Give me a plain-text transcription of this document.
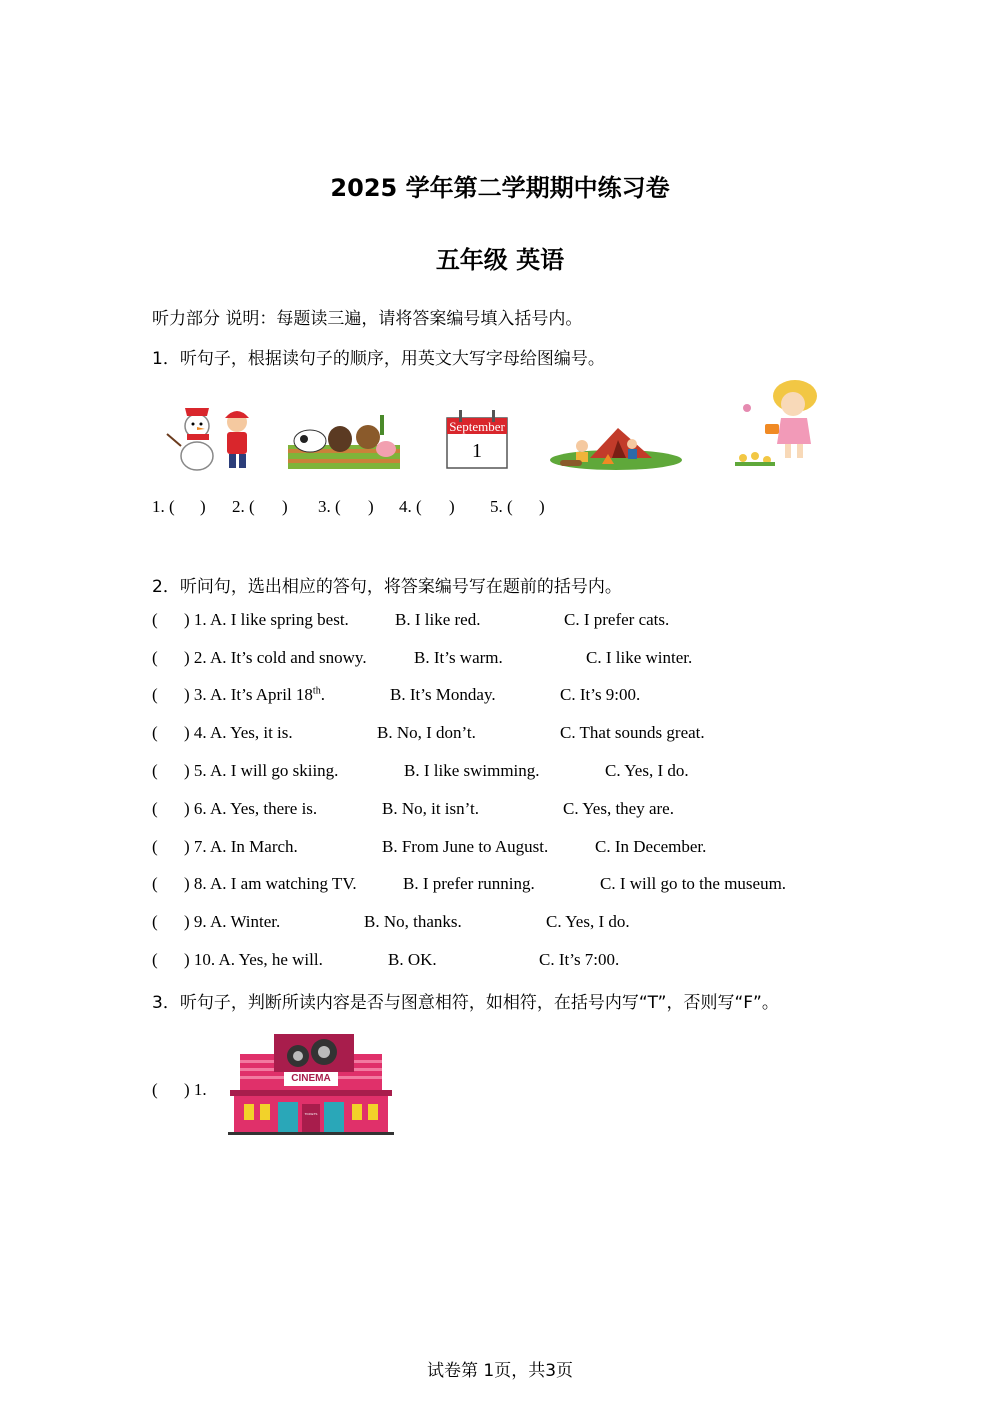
2025 学年第二学期期中练习卷
五年级 英语
听力部分 说明：每题读三遍，请将答案编号填入括号内。
1．听句子，根据读句子的顺序，用英文大写字母给图编号。
September
1
1. ( ) 2. ( ) 3. ( ) 4. ( ) 5. ( )
2．听问句，选出相应的答句，将答案编号写在题前的括号内。
( ) 1. A. I like spring best.	B. I like red.	C. I prefer cats.
( ) 2. A. It’s cold and snowy.	B. It’s warm.	C. I like winter.
( ) 3. A. It’s April 18th.	B. It’s Monday.	C. It’s 9:00.
( ) 4. A. Yes, it is.	B. No, I don’t.	C. That sounds great.
( ) 5. A. I will go skiing.	B. I like swimming.	C. Yes, I do.
( ) 6. A. Yes, there is.	B. No, it isn’t.	C. Yes, they are.
( ) 7. A. In March.	B. From June to August.	C. In December.
( ) 8. A. I am watching TV.	B. I prefer running.	C. I will go to the museum.
( ) 9. A. Winter.	B. No, thanks.	C. Yes, I do.
( ) 10. A. Yes, he will.	B. OK.	C. It’s 7:00.
3．听句子，判断所读内容是否与图意相符，如相符，在括号内写“T”，否则写“F”。
( ) 1.
CINEMA
TICKETS
试卷第 1页，共3页
